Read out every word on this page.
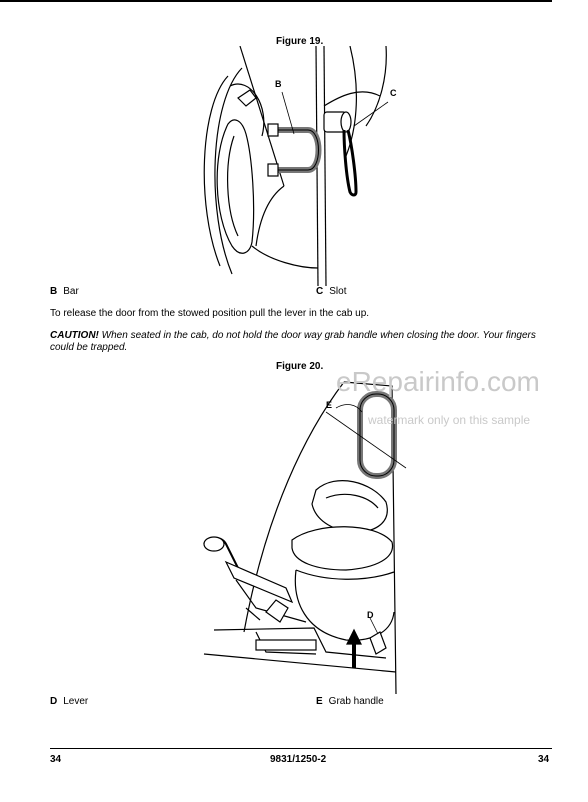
Figure 19.
B
C
B Bar	C Slot
To release the door from the stowed position pull the lever in the cab up.
CAUTION! When seated in the cab, do not hold the door way grab handle when closing the door. Your fingers could be trapped.
Figure 20.
E
D
eRepairinfo.com
watermark only on this sample
D Lever	E Grab handle
34	9831/1250-2	34
